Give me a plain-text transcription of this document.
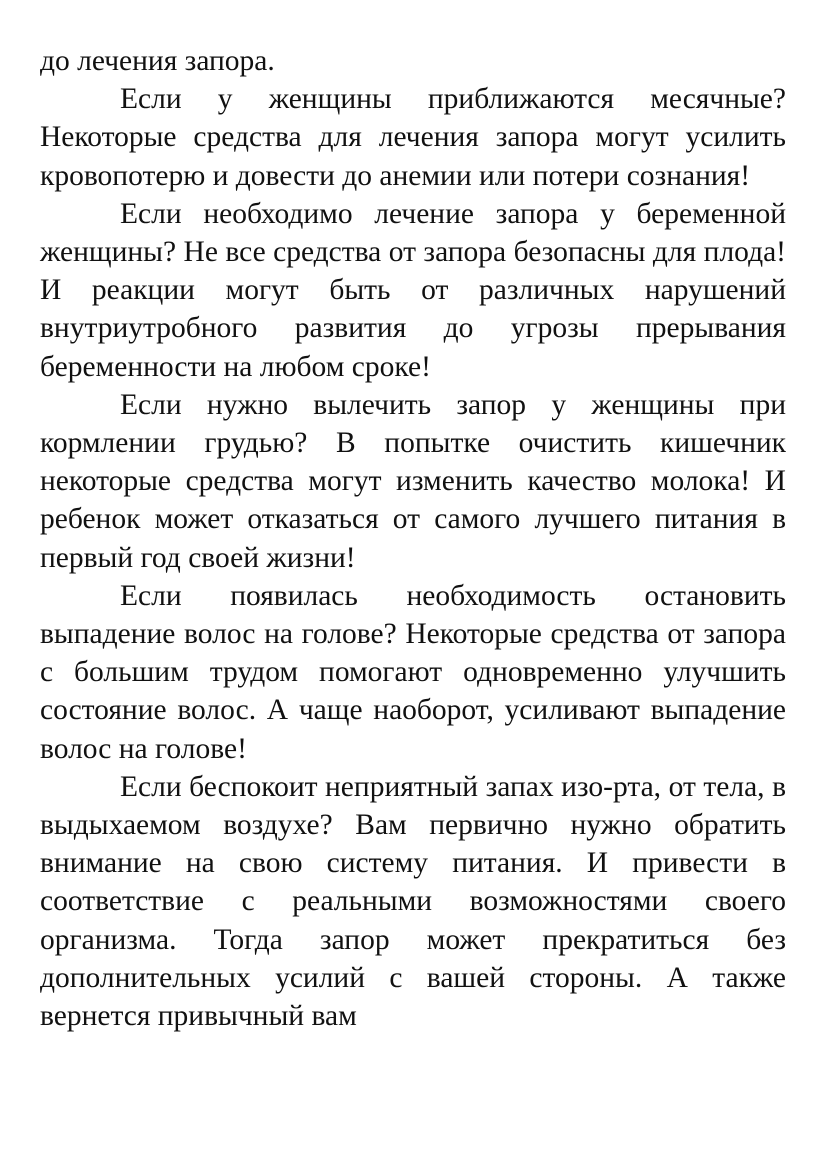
до лечения запора.

Если у женщины приближаются месячные? Некоторые средства для лечения запора могут усилить кровопотерю и довести до анемии или потери сознания!

Если необходимо лечение запора у беременной женщины? Не все средства от запора безопасны для плода! И реакции могут быть от различных нарушений внутриутробного развития до угрозы прерывания беременности на любом сроке!

Если нужно вылечить запор у женщины при кормлении грудью? В попытке очистить кишечник некоторые средства могут изменить качество молока! И ребенок может отказаться от самого лучшего питания в первый год своей жизни!

Если появилась необходимость остановить выпадение волос на голове? Некоторые средства от запора с большим трудом помогают одновременно улучшить состояние волос. А чаще наоборот, усиливают выпадение волос на голове!

Если беспокоит неприятный запах изо-рта, от тела, в выдыхаемом воздухе? Вам первично нужно обратить внимание на свою систему питания. И привести в соответствие с реальными возможностями своего организма. Тогда запор может прекратиться без дополнительных усилий с вашей стороны. А также вернется привычный вам
